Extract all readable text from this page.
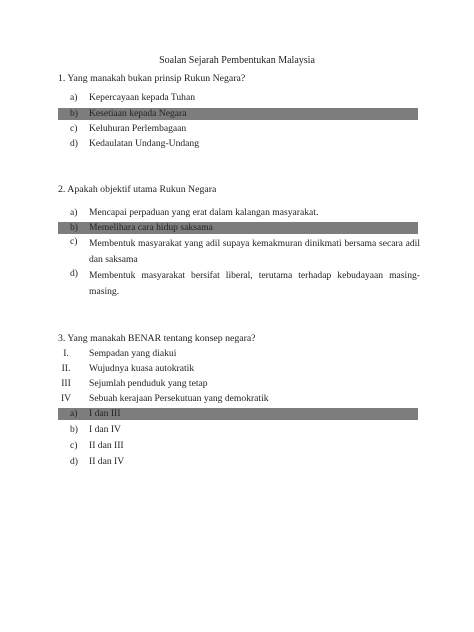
Soalan Sejarah Pembentukan Malaysia
1. Yang manakah bukan prinsip Rukun Negara?
a)	Kepercayaan kepada Tuhan
b)	Kesetiaan kepada Negara
c)	Keluhuran Perlembagaan
d)	Kedaulatan Undang-Undang
2. Apakah objektif utama Rukun Negara
a)	Mencapai perpaduan yang erat dalam kalangan masyarakat.
b)	Memelihara cara hidup saksama
c) Membentuk masyarakat yang adil supaya kemakmuran dinikmati bersama secara adil dan saksama
d) Membentuk masyarakat bersifat liberal, terutama terhadap kebudayaan masing-masing.
3. Yang manakah BENAR tentang konsep negara?
I.	Sempadan yang diakui
II.	Wujudnya kuasa autokratik
III	Sejumlah penduduk yang tetap
IV	Sebuah kerajaan Persekutuan yang demokratik
a)	I dan III
b)	I dan IV
c)	II dan III
d)	II dan IV
